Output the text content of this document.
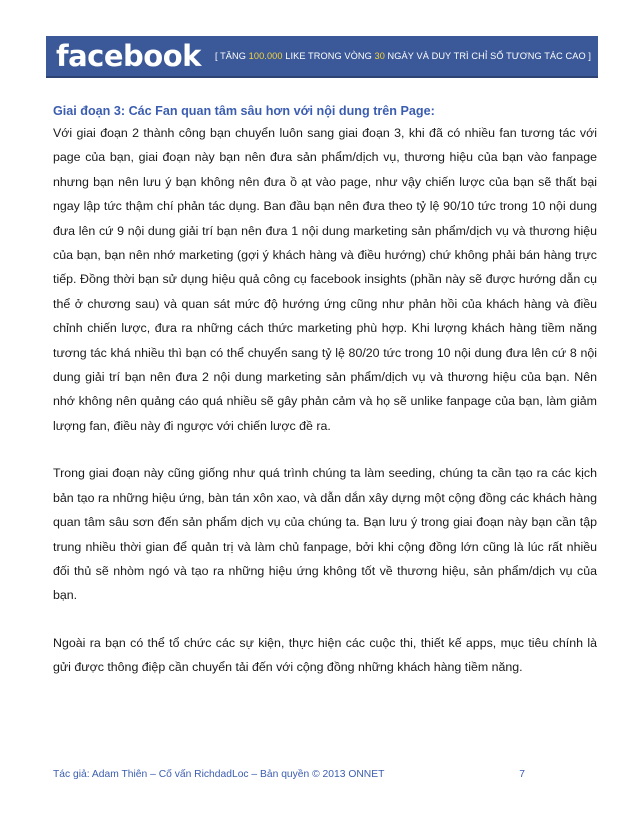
facebook [ TĂNG 100.000 LIKE TRONG VÒNG 30 NGÀY VÀ DUY TRÌ CHỈ SỐ TƯƠNG TÁC CAO ]
Giai đoạn 3: Các Fan quan tâm sâu hơn với nội dung trên Page:

Với giai đoạn 2 thành công bạn chuyển luôn sang giai đoạn 3, khi đã có nhiều fan tương tác với page của bạn, giai đoạn này bạn nên đưa sản phẩm/dịch vụ, thương hiệu của bạn vào fanpage nhưng bạn nên lưu ý bạn không nên đưa ồ ạt vào page, như vậy chiến lược của bạn sẽ thất bại ngay lập tức thậm chí phản tác dụng. Ban đầu bạn nên đưa theo tỷ lệ 90/10 tức trong 10 nội dung đưa lên cứ 9 nội dung giải trí bạn nên đưa 1 nội dung marketing sản phẩm/dịch vụ và thương hiệu của bạn, bạn nên nhớ marketing (gợi ý khách hàng và điều hướng) chứ không phải bán hàng trực tiếp. Đồng thời bạn sử dụng hiệu quả công cụ facebook insights (phần này sẽ được hướng dẫn cụ thể ở chương sau) và quan sát mức độ hướng ứng cũng như phản hồi của khách hàng và điều chỉnh chiến lược, đưa ra những cách thức marketing phù hợp. Khi lượng khách hàng tiềm năng tương tác khá nhiều thì bạn có thể chuyển sang tỷ lệ 80/20 tức trong 10 nội dung đưa lên cứ 8 nội dung giải trí bạn nên đưa 2 nội dung marketing sản phẩm/dịch vụ và thương hiệu của bạn. Nên nhớ không nên quảng cáo quá nhiều sẽ gây phản cảm và họ sẽ unlike fanpage của bạn, làm giảm lượng fan, điều này đi ngược với chiến lược đề ra.

Trong giai đoạn này cũng giống như quá trình chúng ta làm seeding, chúng ta cần tạo ra các kịch bản tạo ra những hiệu ứng, bàn tán xôn xao, và dẫn dắn xây dựng một cộng đồng các khách hàng quan tâm sâu sơn đến sản phẩm dịch vụ của chúng ta. Bạn lưu ý trong giai đoạn này bạn cần tập trung nhiều thời gian để quản trị và làm chủ fanpage, bởi khi cộng đồng lớn cũng là lúc rất nhiều đối thủ sẽ nhòm ngó và tạo ra những hiệu ứng không tốt về thương hiệu, sản phẩm/dịch vụ của bạn.

Ngoài ra bạn có thể tổ chức các sự kiện, thực hiện các cuộc thi, thiết kế apps, mục tiêu chính là gửi được thông điệp cần chuyển tải đến với cộng đồng những khách hàng tiềm năng.

Tác giả: Adam Thiên – Cố vấn RichdadLoc – Bản quyền © 2013 ONNET	7
